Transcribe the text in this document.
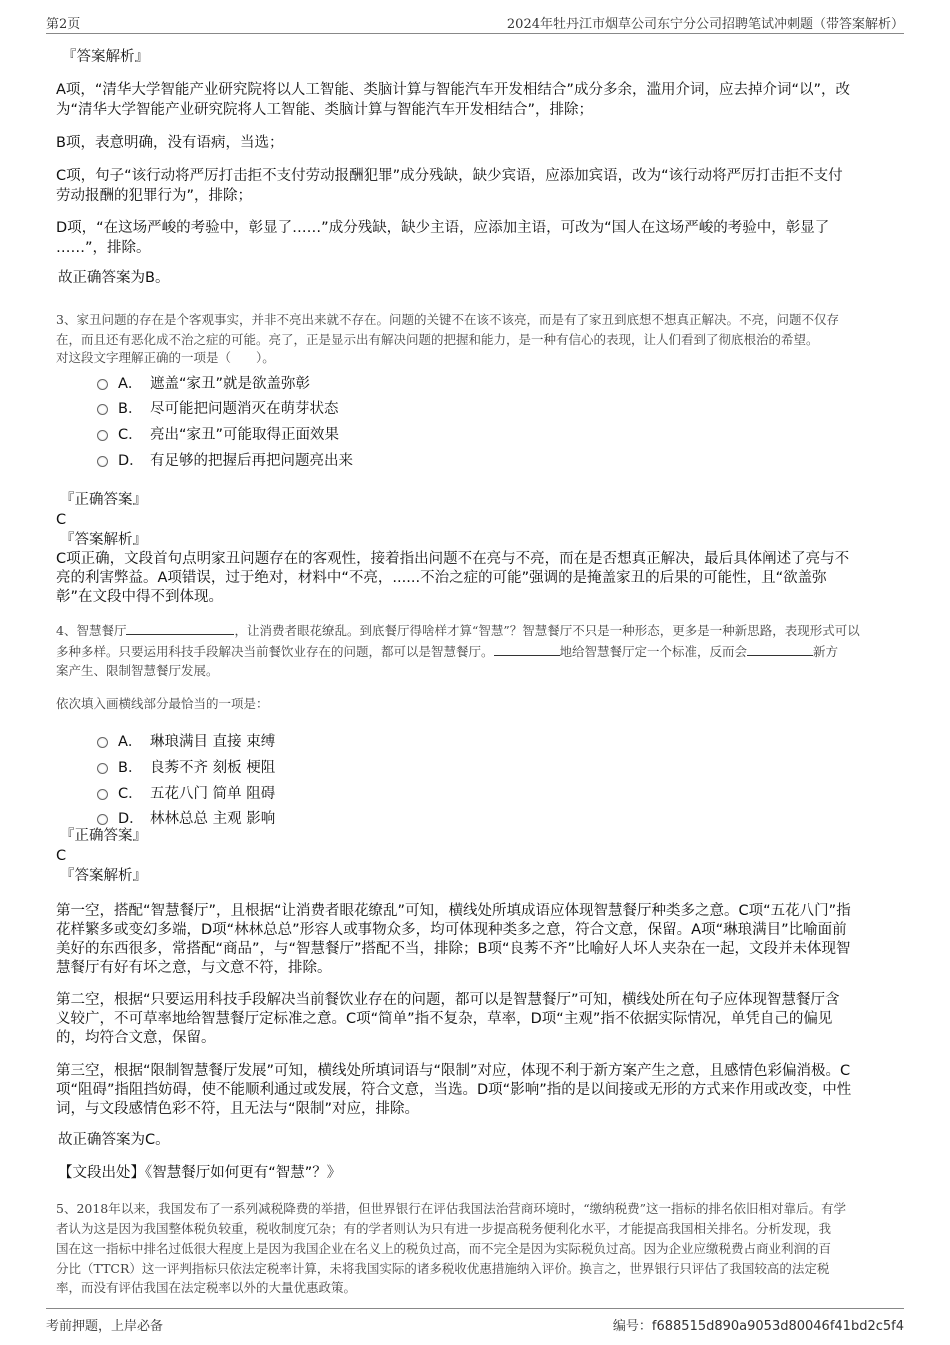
第2页	2024年牡丹江市烟草公司东宁分公司招聘笔试冲刺题（带答案解析）
『答案解析』
A项，“清华大学智能产业研究院将以人工智能、类脑计算与智能汽车开发相结合”成分多余，滥用介词，应去掉介词“以”，改
为“清华大学智能产业研究院将人工智能、类脑计算与智能汽车开发相结合”，排除；
B项，表意明确，没有语病，当选；
C项，句子“该行动将严厉打击拒不支付劳动报酬犯罪”成分残缺，缺少宾语，应添加宾语，改为“该行动将严厉打击拒不支付
劳动报酬的犯罪行为”，排除；
D项，“在这场严峻的考验中，彰显了……”成分残缺，缺少主语，应添加主语，可改为“国人在这场严峻的考验中，彰显了
……”，排除。
故正确答案为B。
3、家丑问题的存在是个客观事实，并非不亮出来就不存在。问题的关键不在该不该亮，而是有了家丑到底想不想真正解决。不亮，问题不仅存
在，而且还有恶化成不治之症的可能。亮了，正是显示出有解决问题的把握和能力，是一种有信心的表现，让人们看到了彻底根治的希望。
对这段文字理解正确的一项是（　　）。
A． 遮盖“家丑”就是欲盖弥彰
B． 尽可能把问题消灭在萌芽状态
C． 亮出“家丑”可能取得正面效果
D． 有足够的把握后再把问题亮出来
『正确答案』
C
『答案解析』
C项正确，文段首句点明家丑问题存在的客观性，接着指出问题不在亮与不亮，而在是否想真正解决，最后具体阐述了亮与不
亮的利害弊益。A项错误，过于绝对，材料中“不亮，......不治之症的可能”强调的是掩盖家丑的后果的可能性，且“欲盖弥
彰”在文段中得不到体现。
4、智慧餐厅	，让消费者眼花缭乱。到底餐厅得啥样才算“智慧”？智慧餐厅不只是一种形态，更多是一种新思路，表现形式可以
多种多样。只要运用科技手段解决当前餐饮业存在的问题，都可以是智慧餐厅。	地给智慧餐厅定一个标准，反而会	新方
案产生、限制智慧餐厅发展。
依次填入画横线部分最恰当的一项是：
A． 琳琅满目 直接 束缚
B． 良莠不齐 刻板 梗阻
C． 五花八门 简单 阻碍
D． 林林总总 主观 影响
『正确答案』
C
『答案解析』
第一空，搭配“智慧餐厅”，且根据“让消费者眼花缭乱”可知，横线处所填成语应体现智慧餐厅种类多之意。C项“五花八门”指
花样繁多或变幻多端，D项“林林总总”形容人或事物众多，均可体现种类多之意，符合文意，保留。A项“琳琅满目”比喻面前
美好的东西很多，常搭配“商品”，与“智慧餐厅”搭配不当，排除；B项“良莠不齐”比喻好人坏人夹杂在一起，文段并未体现智
慧餐厅有好有坏之意，与文意不符，排除。
第二空，根据“只要运用科技手段解决当前餐饮业存在的问题，都可以是智慧餐厅”可知，横线处所在句子应体现智慧餐厅含
义较广，不可草率地给智慧餐厅定标准之意。C项“简单”指不复杂，草率，D项“主观”指不依据实际情况，单凭自己的偏见
的，均符合文意，保留。
第三空，根据“限制智慧餐厅发展”可知，横线处所填词语与“限制”对应，体现不利于新方案产生之意，且感情色彩偏消极。C
项“阻碍”指阻挡妨碍，使不能顺利通过或发展，符合文意，当选。D项“影响”指的是以间接或无形的方式来作用或改变，中性
词，与文段感情色彩不符，且无法与“限制”对应，排除。
故正确答案为C。
【文段出处】《智慧餐厅如何更有“智慧”？》
5、2018年以来，我国发布了一系列减税降费的举措，但世界银行在评估我国法治营商环境时，“缴纳税费”这一指标的排名依旧相对靠后。有学
者认为这是因为我国整体税负较重，税收制度冗杂；有的学者则认为只有进一步提高税务便利化水平，才能提高我国相关排名。分析发现，我
国在这一指标中排名过低很大程度上是因为我国企业在名义上的税负过高，而不完全是因为实际税负过高。因为企业应缴税费占商业利润的百
分比（TTCR）这一评判指标只依法定税率计算，未将我国实际的诸多税收优惠措施纳入评价。换言之，世界银行只评估了我国较高的法定税
率，而没有评估我国在法定税率以外的大量优惠政策。
考前押题，上岸必备	编号：f688515d890a9053d80046f41bd2c5f4
